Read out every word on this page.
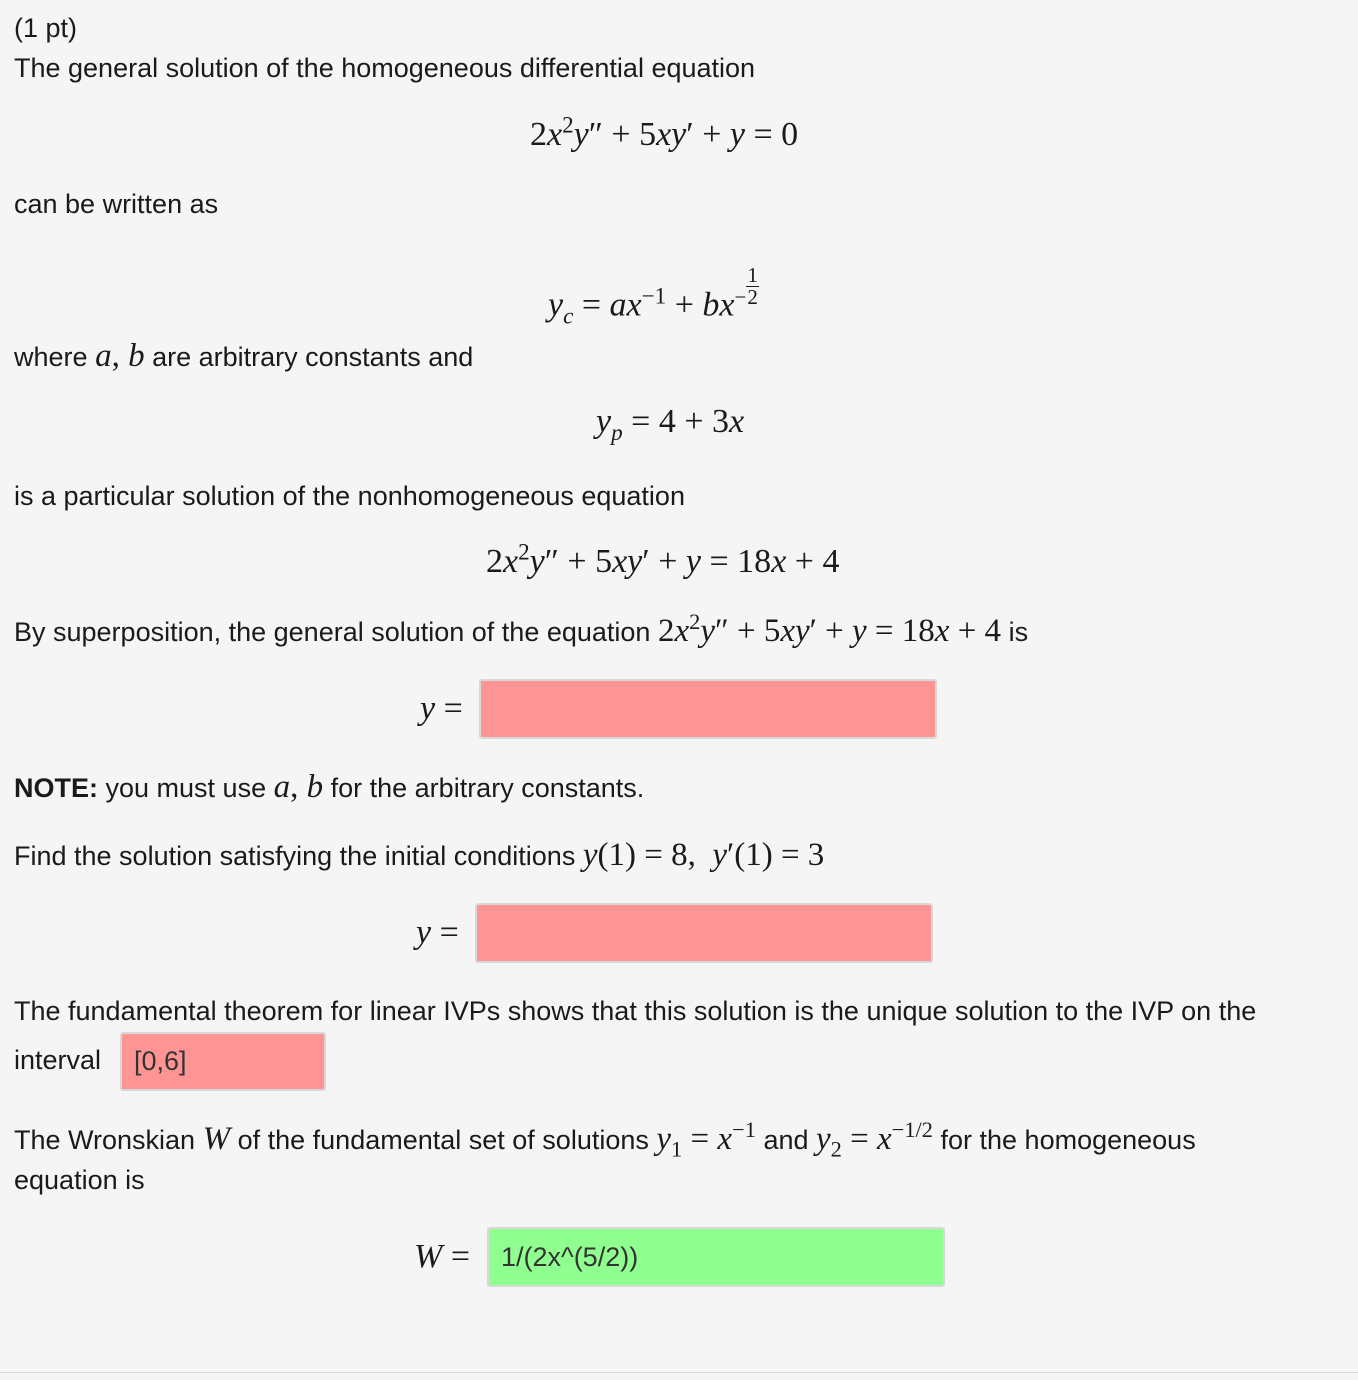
(1 pt)
The general solution of the homogeneous differential equation
$2x^2y'' + 5xy' + y = 0$
can be written as
$y_c = ax^{-1} + bx- \frac{1}{2}$
where a, b are arbitrary constants and
$y_p = 4 + 3x$
is a particular solution of the nonhomogeneous equation
$2x^2y'' + 5xy' + y = 18x + 4$
By superposition, the general solution of the equation $2x^2y'' + 5xy' + y = 18x + 4$ is
y =
NOTE: you must use a, b for the arbitrary constants.
Find the solution satisfying the initial conditions y(1) = 8,  y′(1) = 3
y =
The fundamental theorem for linear IVPs shows that this solution is the unique solution to the IVP on the
interval
[0,6]
The Wronskian W of the fundamental set of solutions $y_1 = x^{-1}$ and $y_2 = x^{-1/2}$ for the homogeneous
equation is
W =
1/(2x^(5/2))
